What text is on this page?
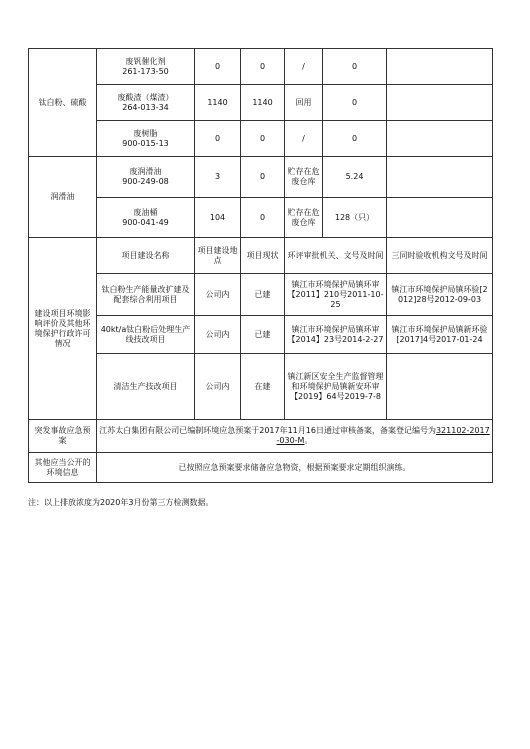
钛白粉、硫酸	废钒催化剂
261-173-50	0	0	/	0	
	废酸渣（煤渣）
264-013-34	1140	1140	回用	0	
	废树脂
900-015-13	0	0	/	0	
润滑油	废润滑油
900-249-08	3	0	贮存在危废仓库	5.24	
	废油桶
900-041-49	104	0	贮存在危废仓库	128（只）	
建设项目环境影响评价及其他环境保护行政许可情况	项目建设名称	项目建设地点	项目现状	环评审批机关、文号及时间		三同时验收机构文号及时间
	钛白粉生产能量改扩建及配套综合利用项目	公司内	已建	镇江市环境保护局镇环审【2011】210号2011-10-25		镇江市环境保护局镇环验[2012]28号2012-09-03
	40kt/a钛白粉后处理生产线技改项目	公司内	已建	镇江市环境保护局镇环审【2014】23号2014-2-27		镇江市环境保护局镇新环验[2017]4号2017-01-24
	清洁生产技改项目	公司内	在建	镇江新区安全生产监督管理和环境保护局镇新安环审【2019】64号2019-7-8		
突发事故应急预案	江苏太白集团有限公司已编制环境应急预案于2017年11月16日通过审核备案，备案登记编号为321102-2017-030-M。					
其他应当公开的环境信息	已按照应急预案要求储备应急物资，根据预案要求定期组织演练。					
注：以上排放浓度为2020年3月份第三方检测数据。
